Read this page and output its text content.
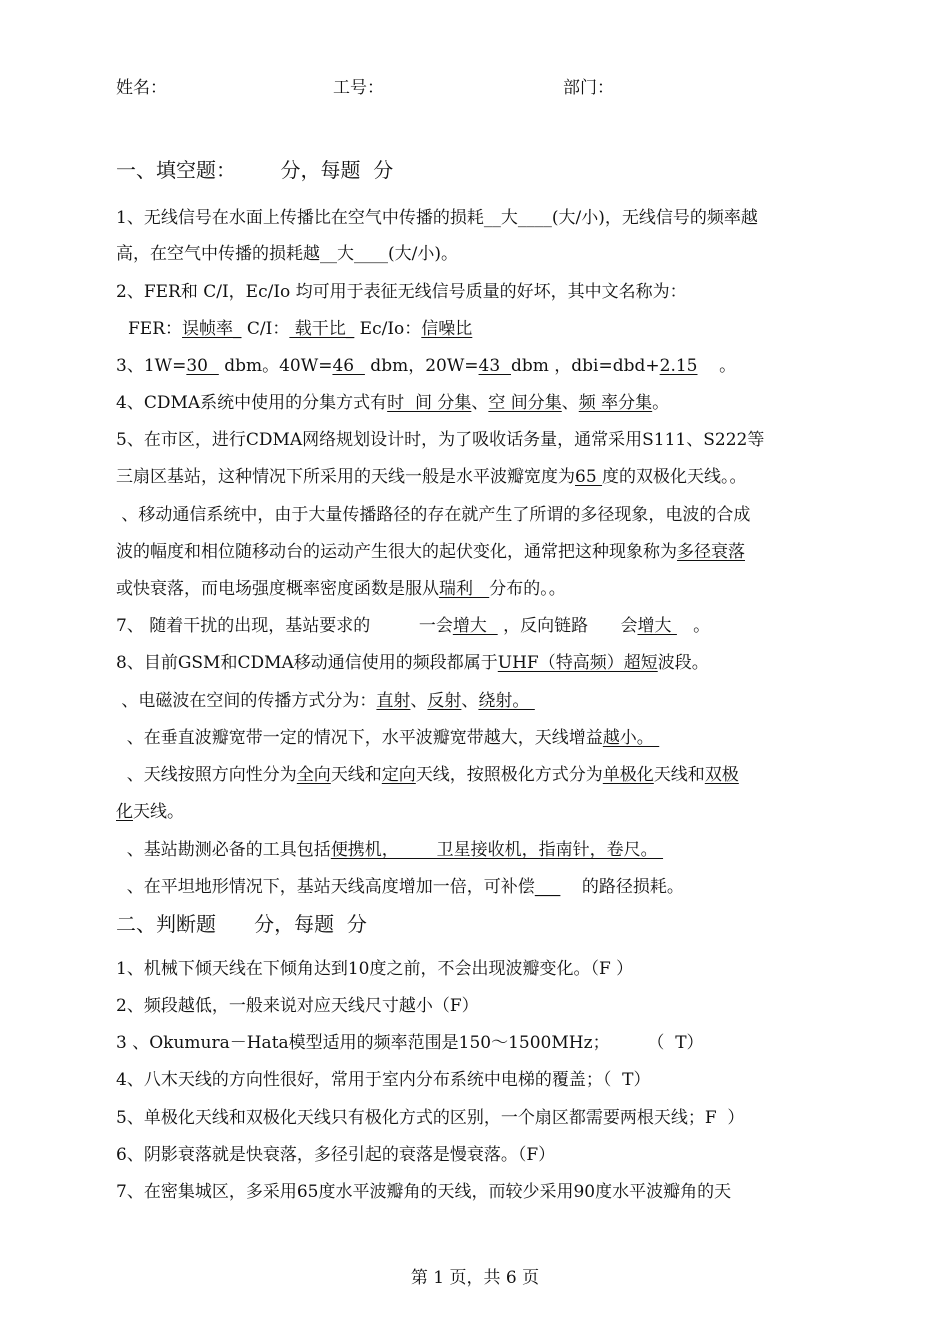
姓名：	工号：	部门：
一、填空题：       分，每题  分
1、无线信号在水面上传播比在空气中传播的损耗__大____(大/小)，无线信号的频率越
高，在空气中传播的损耗越__大____(大/小)。
2、FER和 C/I，Ec/Io 均可用于表征无线信号质量的好坏，其中文名称为：
FER：误帧率_ C/I： 载干比_ Ec/Io：信噪比
3、1W=30   dbm。40W=46   dbm，20W=43  dbm ，dbi=dbd+2.15    。
4、CDMA系统中使用的分集方式有时  间 分集、空 间分集、频 率分集。
5、在市区，进行CDMA网络规划设计时，为了吸收话务量，通常采用S111、S222等
三扇区基站，这种情况下所采用的天线一般是水平波瓣宽度为65 度的双极化天线。。
、移动通信系统中，由于大量传播路径的存在就产生了所谓的多径现象，电波的合成
波的幅度和相位随移动台的运动产生很大的起伏变化，通常把这种现象称为多径衰落
或快衰落，而电场强度概率密度函数是服从瑞利   分布的。。
7、 随着干扰的出现，基站要求的         一会增大   ，反向链路      会增大    。
8、目前GSM和CDMA移动通信使用的频段都属于UHF（特高频）超短波段。
、电磁波在空间的传播方式分为：直射、反射、绕射。
、在垂直波瓣宽带一定的情况下，水平波瓣宽带越大，天线增益越小。
、天线按照方向性分为全向天线和定向天线，按照极化方式分为单极化天线和双极
化天线。
、基站勘测必备的工具包括便携机，       卫星接收机，指南针，卷尺。
、在平坦地形情况下，基站天线高度增加一倍，可补偿___    的路径损耗。
二、判断题      分，每题  分
1、机械下倾天线在下倾角达到10度之前，不会出现波瓣变化。（F ）
2、频段越低，一般来说对应天线尺寸越小（F）
3 、Okumura－Hata模型适用的频率范围是150～1500MHz；       （  T）
4、八木天线的方向性很好，常用于室内分布系统中电梯的覆盖；（  T）
5、单极化天线和双极化天线只有极化方式的区别，一个扇区都需要两根天线；F  ）
6、阴影衰落就是快衰落，多径引起的衰落是慢衰落。（F）
7、在密集城区，多采用65度水平波瓣角的天线，而较少采用90度水平波瓣角的天
第 1 页，共 6 页
